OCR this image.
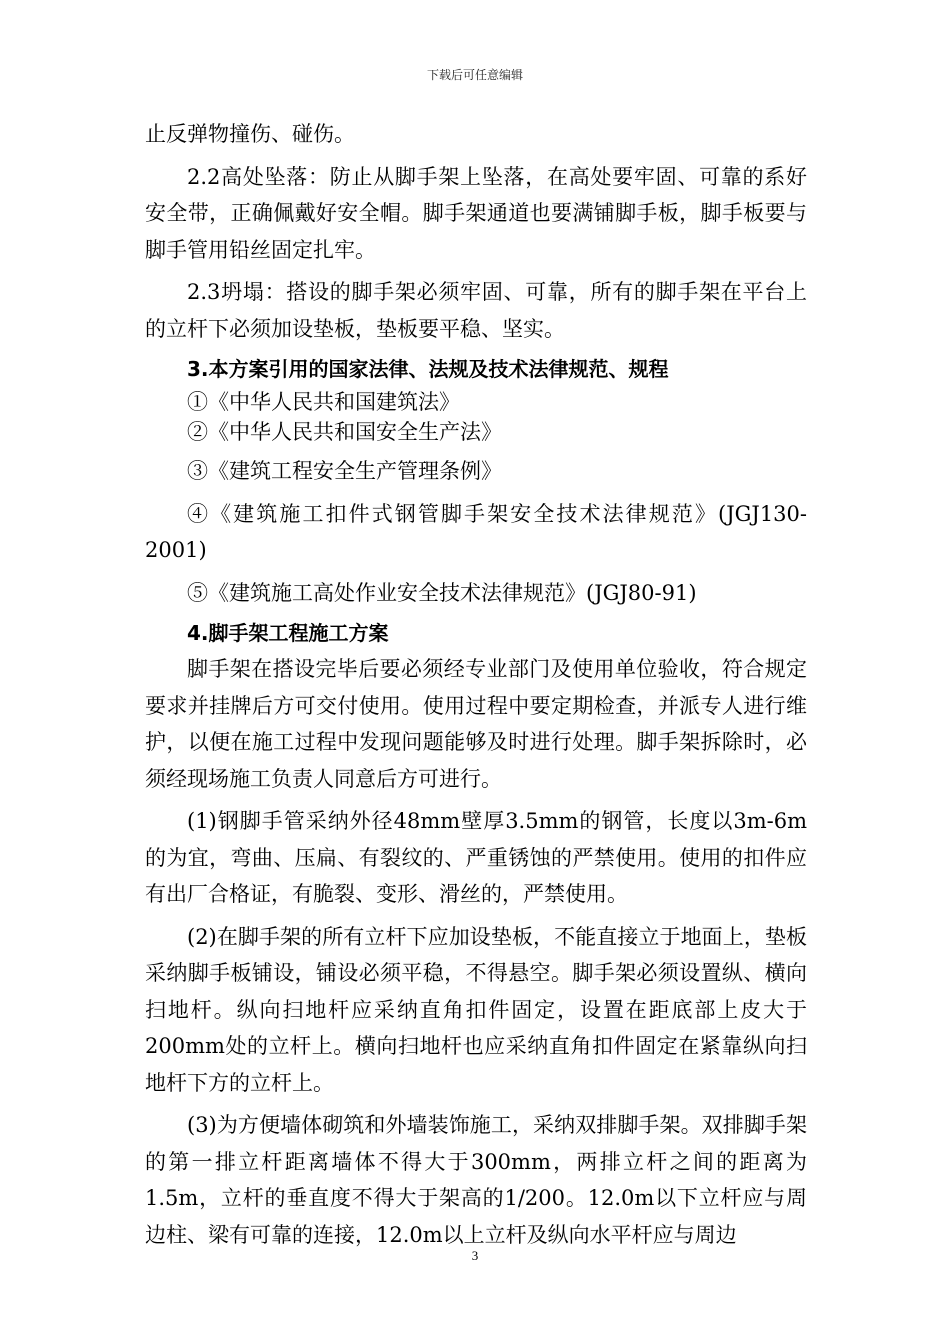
下载后可任意编辑

止反弹物撞伤、碰伤。

2.2高处坠落：防止从脚手架上坠落，在高处要牢固、可靠的系好安全带，正确佩戴好安全帽。脚手架通道也要满铺脚手板，脚手板要与脚手管用铅丝固定扎牢。

2.3坍塌：搭设的脚手架必须牢固、可靠，所有的脚手架在平台上的立杆下必须加设垫板，垫板要平稳、坚实。

3.本方案引用的国家法律、法规及技术法律规范、规程

①《中华人民共和国建筑法》

②《中华人民共和国安全生产法》

③《建筑工程安全生产管理条例》

④《建筑施工扣件式钢管脚手架安全技术法律规范》(JGJ130-2001)

⑤《建筑施工高处作业安全技术法律规范》(JGJ80-91)

4.脚手架工程施工方案

脚手架在搭设完毕后要必须经专业部门及使用单位验收，符合规定要求并挂牌后方可交付使用。使用过程中要定期检查，并派专人进行维护，以便在施工过程中发现问题能够及时进行处理。脚手架拆除时，必须经现场施工负责人同意后方可进行。

(1)钢脚手管采纳外径48mm壁厚3.5mm的钢管，长度以3m-6m的为宜，弯曲、压扁、有裂纹的、严重锈蚀的严禁使用。使用的扣件应有出厂合格证，有脆裂、变形、滑丝的，严禁使用。

(2)在脚手架的所有立杆下应加设垫板，不能直接立于地面上，垫板采纳脚手板铺设，铺设必须平稳，不得悬空。脚手架必须设置纵、横向扫地杆。纵向扫地杆应采纳直角扣件固定，设置在距底部上皮大于200mm处的立杆上。横向扫地杆也应采纳直角扣件固定在紧靠纵向扫地杆下方的立杆上。

(3)为方便墙体砌筑和外墙装饰施工，采纳双排脚手架。双排脚手架的第一排立杆距离墙体不得大于300mm，两排立杆之间的距离为1.5m，立杆的垂直度不得大于架高的1/200。12.0m以下立杆应与周边柱、梁有可靠的连接，12.0m以上立杆及纵向水平杆应与周边

3
